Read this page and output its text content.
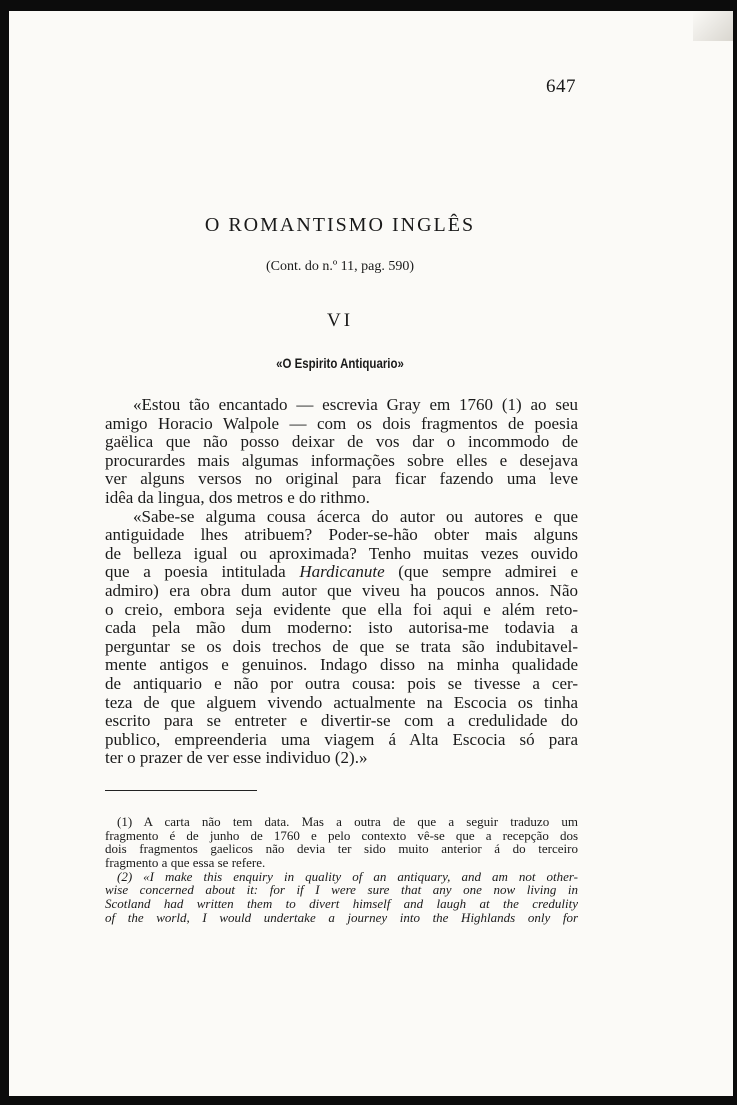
647
O ROMANTISMO INGLÊS
(Cont. do n.º 11, pag. 590)
VI
«O Espirito Antiquario»
«Estou tão encantado — escrevia Gray em 1760 (1) ao seu
amigo Horacio Walpole — com os dois fragmentos de poesia
gaëlica que não posso deixar de vos dar o incommodo de
procurardes mais algumas informações sobre elles e desejava
ver alguns versos no original para ficar fazendo uma leve
idêa da lingua, dos metros e do rithmo.
«Sabe-se alguma cousa ácerca do autor ou autores e que
antiguidade lhes atribuem? Poder-se-hão obter mais alguns
de belleza igual ou aproximada? Tenho muitas vezes ouvido
que a poesia intitulada Hardicanute (que sempre admirei e
admiro) era obra dum autor que viveu ha poucos annos. Não
o creio, embora seja evidente que ella foi aqui e além reto-
cada pela mão dum moderno: isto autorisa-me todavia a
perguntar se os dois trechos de que se trata são indubitavel-
mente antigos e genuinos. Indago disso na minha qualidade
de antiquario e não por outra cousa: pois se tivesse a cer-
teza de que alguem vivendo actualmente na Escocia os tinha
escrito para se entreter e divertir-se com a credulidade do
publico, empreenderia uma viagem á Alta Escocia só para
ter o prazer de ver esse individuo (2).»
(1) A carta não tem data. Mas a outra de que a seguir traduzo um
fragmento é de junho de 1760 e pelo contexto vê-se que a recepção dos
dois fragmentos gaelicos não devia ter sido muito anterior á do terceiro
fragmento a que essa se refere.
(2) «I make this enquiry in quality of an antiquary, and am not other-
wise concerned about it: for if I were sure that any one now living in
Scotland had written them to divert himself and laugh at the credulity
of the world, I would undertake a journey into the Highlands only for
